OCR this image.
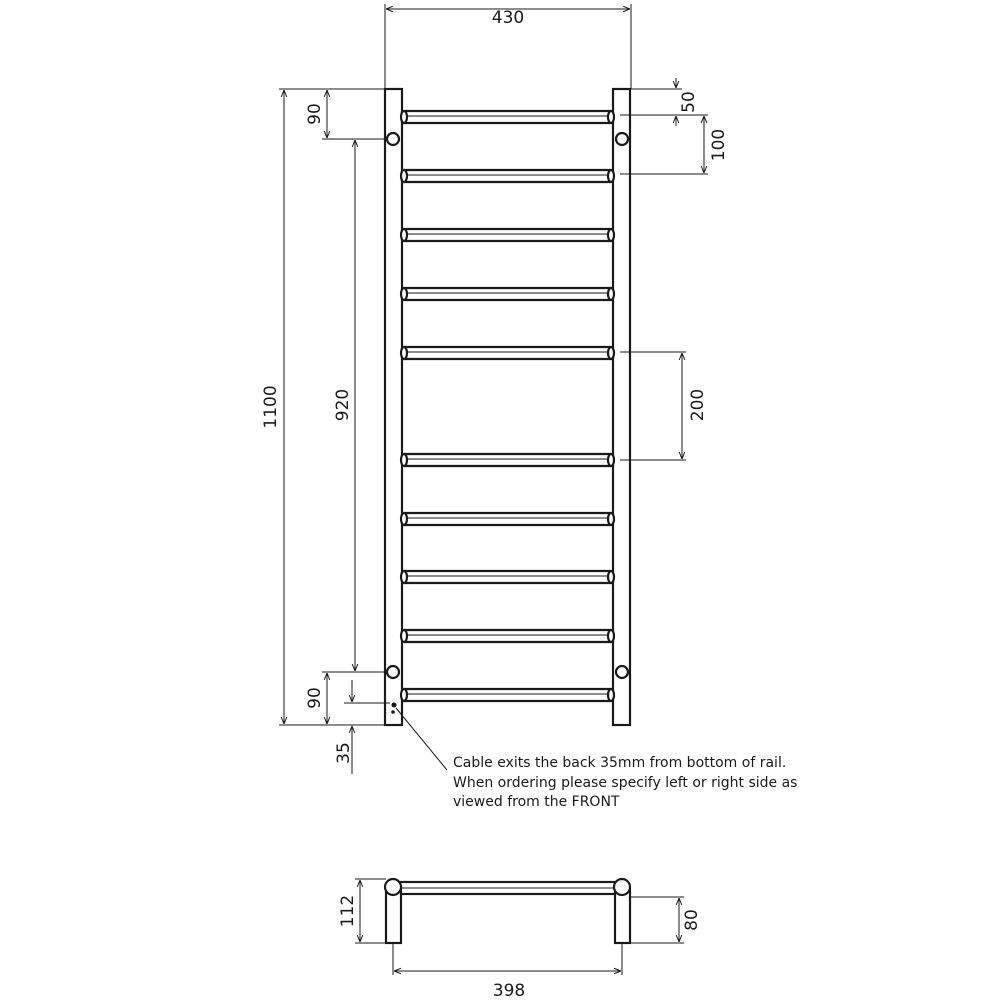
430
1100
90
920
90
35
50
100
200
Cable exits the back 35mm from bottom of rail.
When ordering please specify left or right side as
viewed from the FRONT
112	80
398
